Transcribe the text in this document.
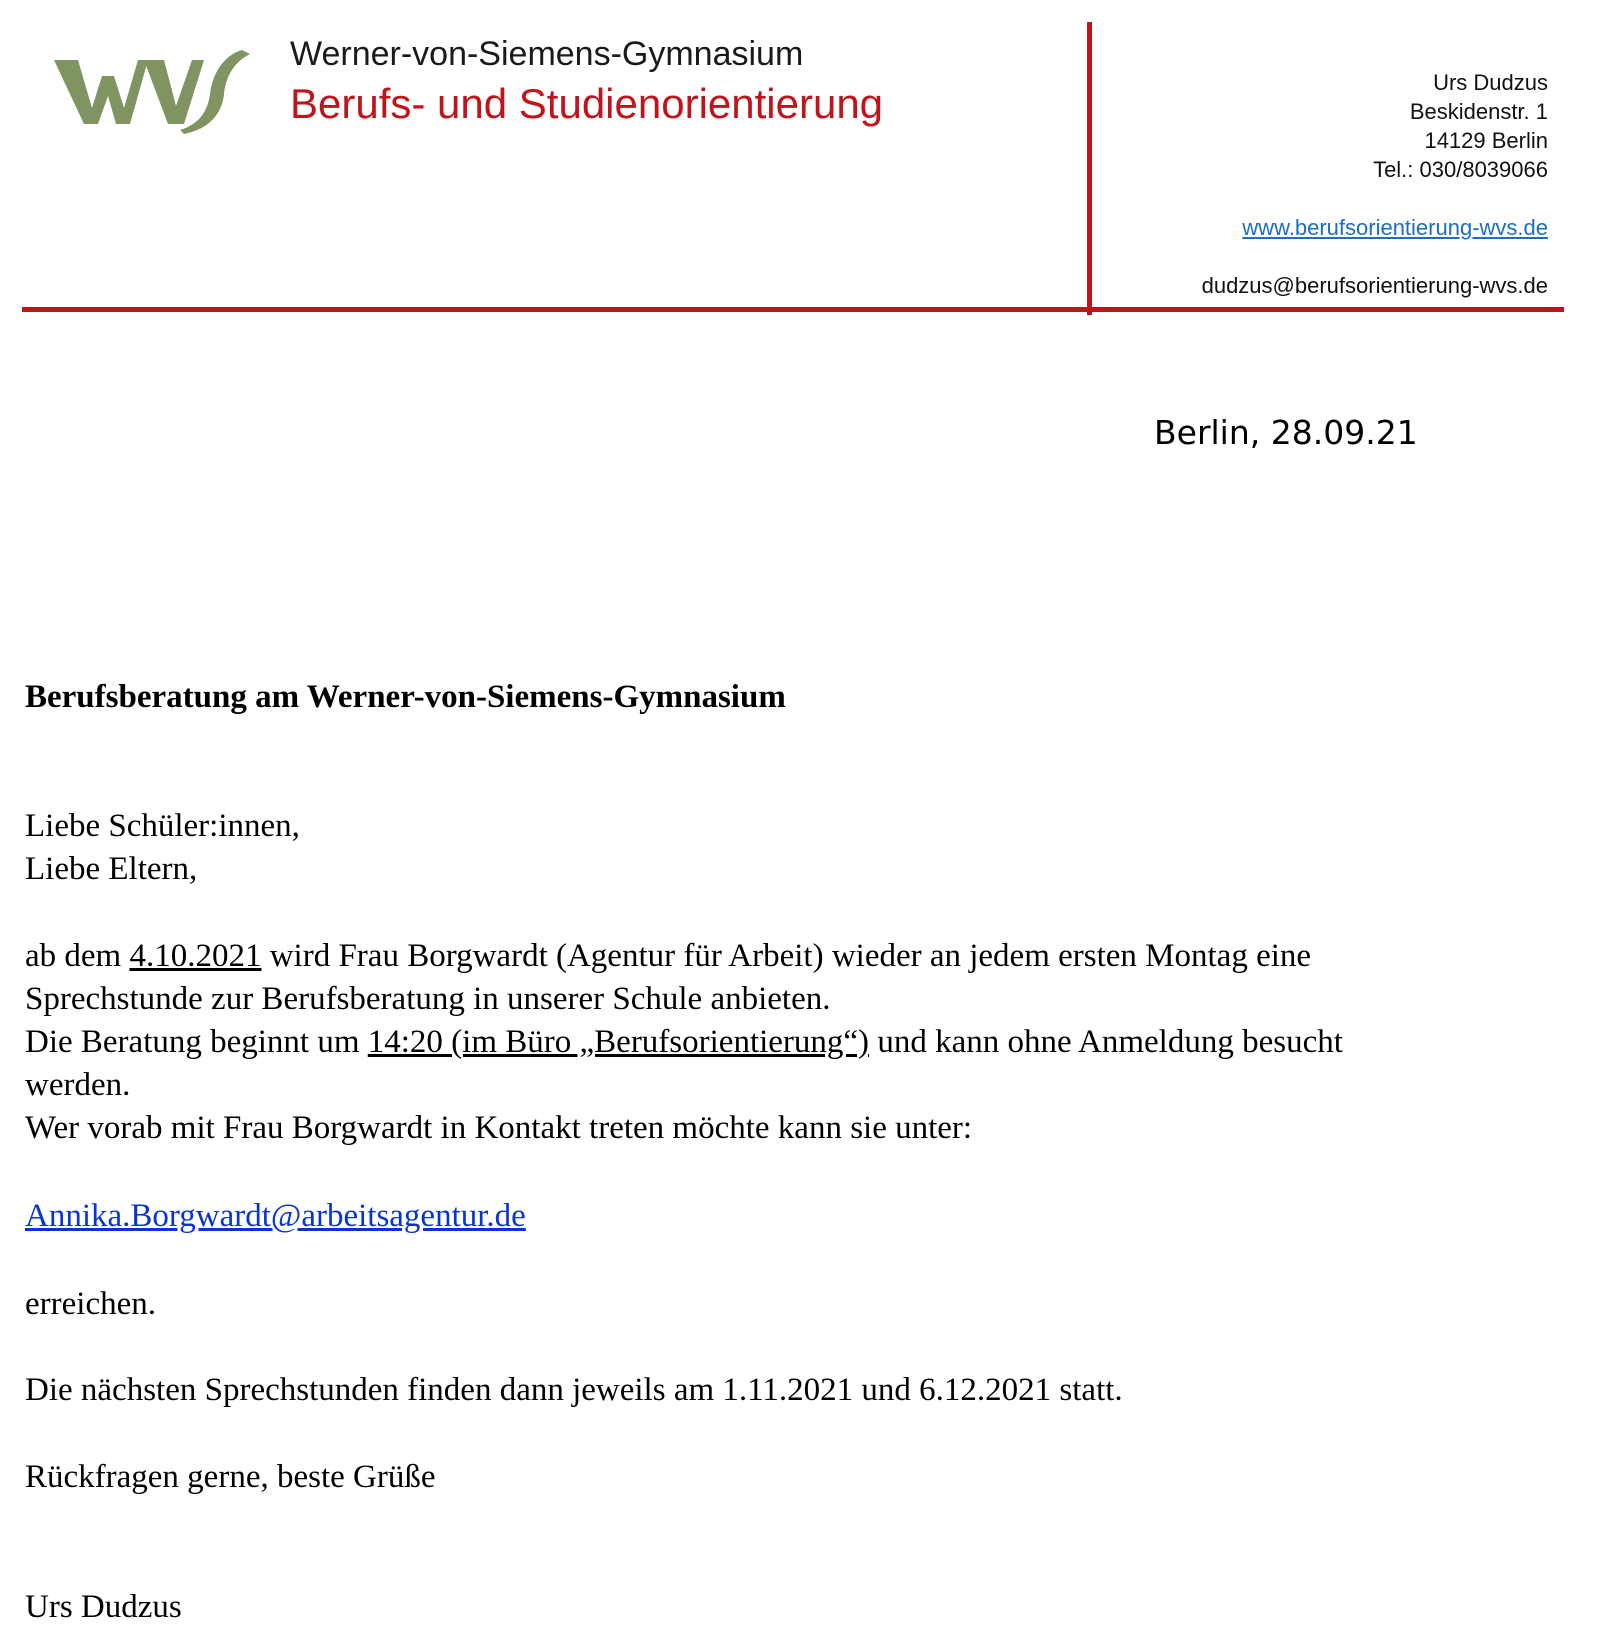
Werner-von-Siemens-Gymnasium
Berufs- und Studienorientierung	Urs Dudzus
Beskidenstr. 1
14129 Berlin
Tel.: 030/8039066
www.berufsorientierung-wvs.de
dudzus@berufsorientierung-wvs.de
Berlin, 28.09.21
Berufsberatung am Werner-von-Siemens-Gymnasium
Liebe Schüler:innen,
Liebe Eltern,
ab dem 4.10.2021 wird Frau Borgwardt (Agentur für Arbeit) wieder an jedem ersten Montag eine
Sprechstunde zur Berufsberatung in unserer Schule anbieten.
Die Beratung beginnt um 14:20 (im Büro „Berufsorientierung“) und kann ohne Anmeldung besucht
werden.
Wer vorab mit Frau Borgwardt in Kontakt treten möchte kann sie unter:
Annika.Borgwardt@arbeitsagentur.de
erreichen.
Die nächsten Sprechstunden finden dann jeweils am 1.11.2021 und 6.12.2021 statt.
Rückfragen gerne, beste Grüße
Urs Dudzus
